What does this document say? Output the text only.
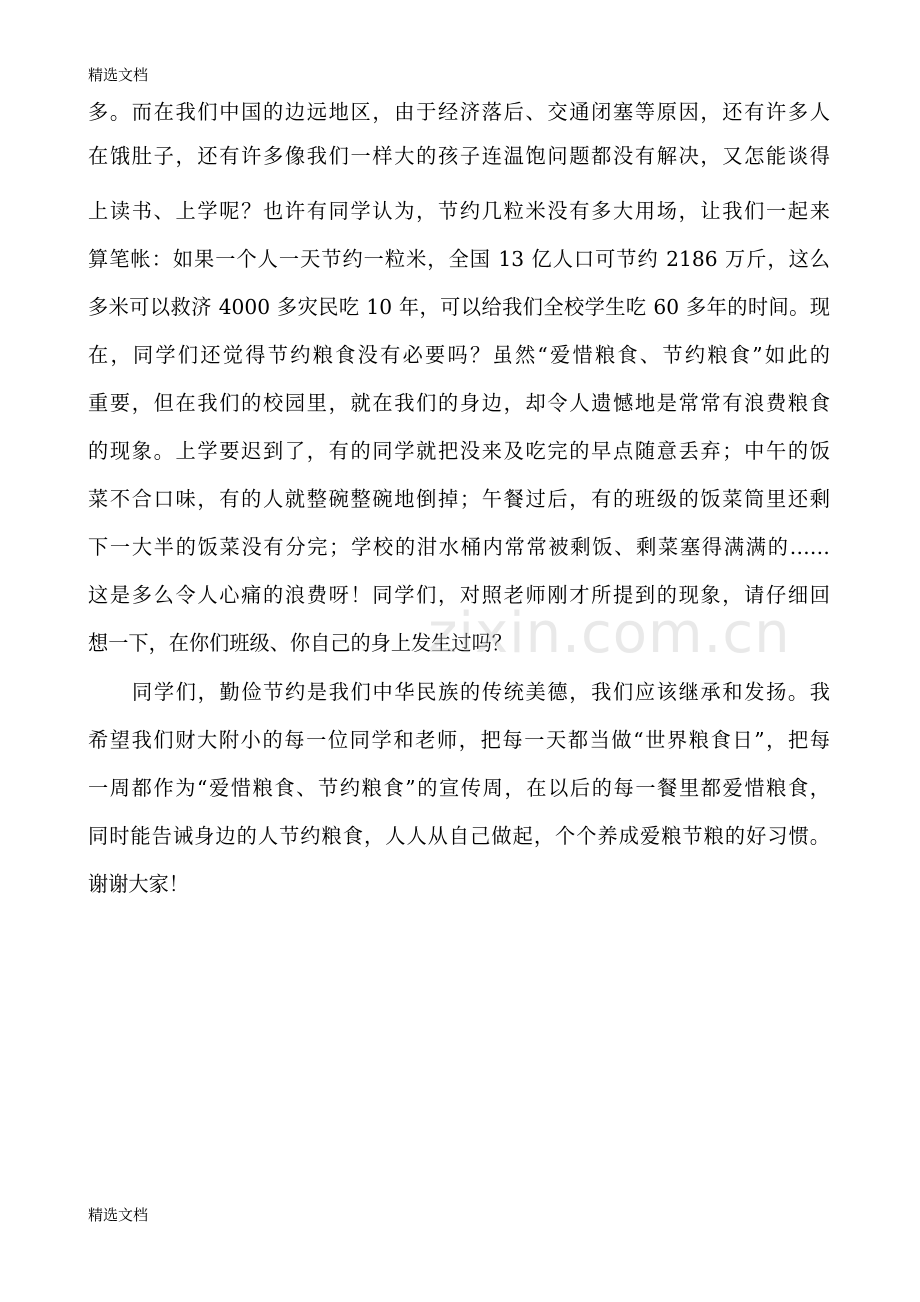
精选文档
多。而在我们中国的边远地区，由于经济落后、交通闭塞等原因，还有许多人
在饿肚子，还有许多像我们一样大的孩子连温饱问题都没有解决，又怎能谈得
上读书、上学呢？也许有同学认为，节约几粒米没有多大用场，让我们一起来
算笔帐：如果一个人一天节约一粒米，全国 13 亿人口可节约 2186 万斤，这么
多米可以救济 4000 多灾民吃 10 年，可以给我们全校学生吃 60 多年的时间。现
在，同学们还觉得节约粮食没有必要吗？虽然“爱惜粮食、节约粮食”如此的
重要，但在我们的校园里，就在我们的身边，却令人遗憾地是常常有浪费粮食
的现象。上学要迟到了，有的同学就把没来及吃完的早点随意丢弃；中午的饭
菜不合口味，有的人就整碗整碗地倒掉；午餐过后，有的班级的饭菜筒里还剩
下一大半的饭菜没有分完；学校的泔水桶内常常被剩饭、剩菜塞得满满的……
这是多么令人心痛的浪费呀！同学们，对照老师刚才所提到的现象，请仔细回
想一下，在你们班级、你自己的身上发生过吗？
同学们，勤俭节约是我们中华民族的传统美德，我们应该继承和发扬。我
希望我们财大附小的每一位同学和老师，把每一天都当做“世界粮食日”，把每
一周都作为“爱惜粮食、节约粮食”的宣传周，在以后的每一餐里都爱惜粮食，
同时能告诫身边的人节约粮食，人人从自己做起，个个养成爱粮节粮的好习惯。
谢谢大家！
zixin.com.cn
精选文档
